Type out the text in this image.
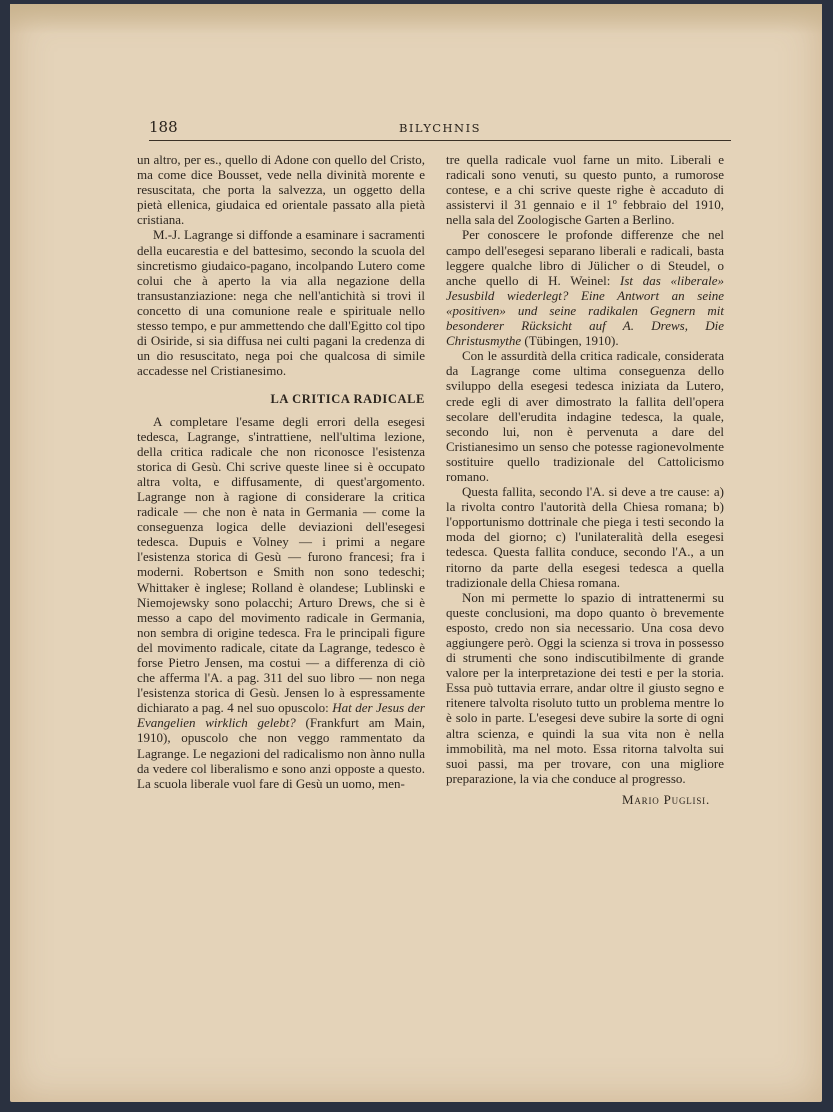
188	BILYCHNIS

un altro, per es., quello di Adone con quello del Cristo, ma come dice Bousset, vede nella divinità morente e resuscitata, che porta la salvezza, un oggetto della pietà ellenica, giudaica ed orientale passato alla pietà cristiana.

M.-J. Lagrange si diffonde a esaminare i sacramenti della eucarestia e del battesimo, secondo la scuola del sincretismo giudaico-pagano, incolpando Lutero come colui che à aperto la via alla negazione della transustanziazione: nega che nell'antichità si trovi il concetto di una comunione reale e spirituale nello stesso tempo, e pur ammettendo che dall'Egitto col tipo di Osiride, si sia diffusa nei culti pagani la credenza di un dio resuscitato, nega poi che qualcosa di simile accadesse nel Cristianesimo.

LA CRITICA RADICALE

A completare l'esame degli errori della esegesi tedesca, Lagrange, s'intrattiene, nell'ultima lezione, della critica radicale che non riconosce l'esistenza storica di Gesù. Chi scrive queste linee si è occupato altra volta, e diffusamente, di quest'argomento. Lagrange non à ragione di considerare la critica radicale — che non è nata in Germania — come la conseguenza logica delle deviazioni dell'esegesi tedesca. Dupuis e Volney — i primi a negare l'esistenza storica di Gesù — furono francesi; fra i moderni. Robertson e Smith non sono tedeschi; Whittaker è inglese; Rolland è olandese; Lublinski e Niemojewsky sono polacchi; Arturo Drews, che si è messo a capo del movimento radicale in Germania, non sembra di origine tedesca. Fra le principali figure del movimento radicale, citate da Lagrange, tedesco è forse Pietro Jensen, ma costui — a differenza di ciò che afferma l'A. a pag. 311 del suo libro — non nega l'esistenza storica di Gesù. Jensen lo à espressamente dichiarato a pag. 4 nel suo opuscolo: Hat der Jesus der Evangelien wirklich gelebt? (Frankfurt am Main, 1910), opuscolo che non veggo rammentato da Lagrange. Le negazioni del radicalismo non ànno nulla da vedere col liberalismo e sono anzi opposte a questo. La scuola liberale vuol fare di Gesù un uomo, men-

tre quella radicale vuol farne un mito. Liberali e radicali sono venuti, su questo punto, a rumorose contese, e a chi scrive queste righe è accaduto di assistervi il 31 gennaio e il 1º febbraio del 1910, nella sala del Zoologische Garten a Berlino.

Per conoscere le profonde differenze che nel campo dell'esegesi separano liberali e radicali, basta leggere qualche libro di Jülicher o di Steudel, o anche quello di H. Weinel: Ist das «liberale» Jesusbild wiederlegt? Eine Antwort an seine «positiven» und seine radikalen Gegnern mit besonderer Rücksicht auf A. Drews, Die Christusmythe (Tübingen, 1910).

Con le assurdità della critica radicale, considerata da Lagrange come ultima conseguenza dello sviluppo della esegesi tedesca iniziata da Lutero, crede egli di aver dimostrato la fallita dell'opera secolare dell'erudita indagine tedesca, la quale, secondo lui, non è pervenuta a dare del Cristianesimo un senso che potesse ragionevolmente sostituire quello tradizionale del Cattolicismo romano.

Questa fallita, secondo l'A. si deve a tre cause: a) la rivolta contro l'autorità della Chiesa romana; b) l'opportunismo dottrinale che piega i testi secondo la moda del giorno; c) l'unilateralità della esegesi tedesca. Questa fallita conduce, secondo l'A., a un ritorno da parte della esegesi tedesca a quella tradizionale della Chiesa romana.

Non mi permette lo spazio di intrattenermi su queste conclusioni, ma dopo quanto ò brevemente esposto, credo non sia necessario. Una cosa devo aggiungere però. Oggi la scienza si trova in possesso di strumenti che sono indiscutibilmente di grande valore per la interpretazione dei testi e per la storia. Essa può tuttavia errare, andar oltre il giusto segno e ritenere talvolta risoluto tutto un problema mentre lo è solo in parte. L'esegesi deve subire la sorte di ogni altra scienza, e quindi la sua vita non è nella immobilità, ma nel moto. Essa ritorna talvolta sui suoi passi, ma per trovare, con una migliore preparazione, la via che conduce al progresso.

Mario Puglisi.
